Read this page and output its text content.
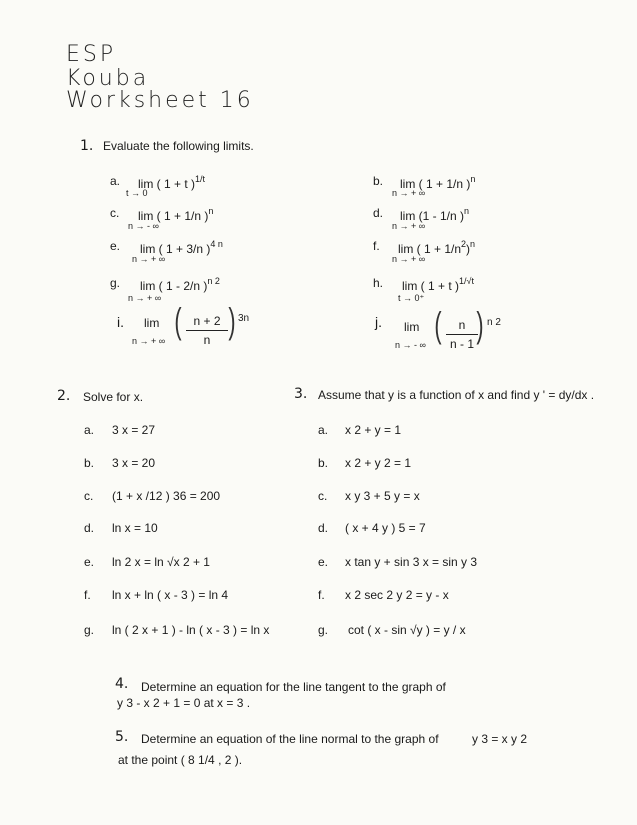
ESP
Kouba
Worksheet 16
1. Evaluate the following limits.
a. lim ( 1 + t )$^{1/t}$
t → 0
b. lim ( 1 + 1/n )$^n$
n → + ∞
c. lim ( 1 + 1/n )$^n$
n → - ∞
d. lim (1 - 1/n )$^n$
n → + ∞
e. lim ( 1 + 3/n )$^{4 n}$
n → + ∞
f. lim ( $1 + 1/n^2)^n$
n → + ∞
g. lim ( 1 - 2/n )$^{n 2}$
n → + ∞
h. lim ( 1 + t )$^{1/√t}$
t → 0⁺
i. lim
n → + ∞ ( n + 2
n ) 3n	j. lim
n → - ∞ (	n
n - 1 ) n 2
2. Solve for x.
a. 3 x = 27
b. 3 x = 20
c. (1 + x /12 ) 36 = 200
d. ln x = 10
e. ln 2 x = ln √x 2 + 1
f. ln x + ln ( x - 3 ) = ln 4
g. ln ( 2 x + 1 ) - ln ( x - 3 ) = ln x
3. Assume that y is a function of x and find y ' = dy/dx .
a. x 2 + y = 1
b. x 2 + y 2 = 1
c. x y 3 + 5 y = x
d. ( x + 4 y ) 5 = 7
e. x tan y + sin 3 x = sin y 3
f. x 2 sec 2 y 2 = y - x
g. cot ( x - sin √y ) = y / x
4. Determine an equation for the line tangent to the graph of
y 3 - x 2 + 1 = 0 at x = 3 .
5. Determine an equation of the line normal to the graph of	y 3 = x y 2
at the point ( 8 1/4 , 2 ).
